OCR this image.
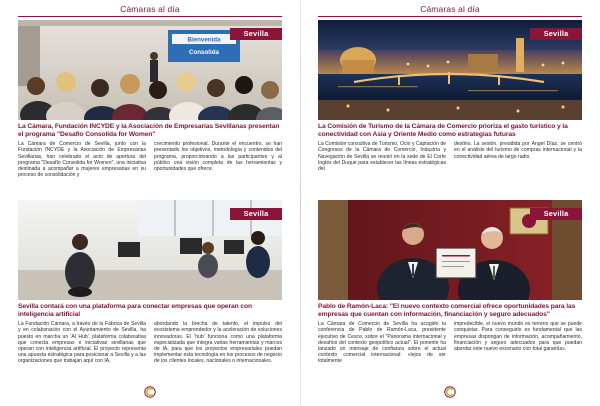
Cámaras al día
Bienvenida
Consolida
Sevilla
La Cámara, Fundación INCYDE y la Asociación de Empresarias Sevillanas presentan el programa "Desafío Consolida for Women"

La Cámara de Comercio de Sevilla, junto con la Fundación INCYDE y la Asociación de Empresarias Sevillanas, han celebrado el acto de apertura del programa "Desafío Consolida for Women", una iniciativa destinada a acompañar a mujeres empresarias en su proceso de consolidación y

crecimiento profesional. Durante el encuentro, se han presentado los objetivos, metodología y contenidos del programa, proporcionando a las participantes y al público una visión completa de las herramientas y oportunidades que ofrece.

Sevilla
Sevilla contará con una plataforma para conectar empresas que operan con inteligencia artificial

La Fundación Cámara, a través de la Fábrica de Sevilla y en colaboración con el Ayuntamiento de Sevilla, ha puesto en marcha un 'AI Hub', plataforma colaborativa que conecta empresas e iniciativas sevillanas que operan con inteligencia artificial. El proyecto representa una apuesta estratégica para posicionar a Sevilla y a las organizaciones que trabajan aquí con IA,

abordando la brecha de talento, el impulso del ecosistema emprendedor y la aceleración de soluciones innovadoras. El 'hub' funciona como una plataforma especializada que integra varias herramientas y marcos de IA, para que los proyectos empresariales puedan implementar esta tecnología en los procesos de negocio de los clientes locales, nacionales o internacionales.

Cámaras al día
Sevilla
La Comisión de Turismo de la Cámara de Comercio prioriza el gasto turístico y la conectividad con Asia y Oriente Medio como estrategias futuras

La Comisión consultiva de Turismo, Ocio y Captación de Congresos de la Cámara de Comercio, Industria y Navegación de Sevilla se reunió en la sede de El Corte Inglés del Duque para establecer las líneas estratégicas del

destino. La sesión, presidida por Ángel Díaz, se centró en el análisis del turismo de compras internacional y la conectividad aérea de largo radio.

Sevilla
Pablo de Ramón-Laca: "El nuevo contexto comercial ofrece oportunidades para las empresas que cuentan con información, financiación y seguro adecuados"

La Cámara de Comercio de Sevilla ha acogido la conferencia de Pablo de Ramón-Laca, presidente ejecutivo de Cesce, sobre el "Panorama internacional y desafíos del contexto geopolítico actual". El ponente ha lanzado un mensaje de confianza sobre el actual contexto comercial internacional: «lejos de ser totalmente

impredecible, el nuevo mundo es terreno que se puede conquistar. Para conseguirlo es fundamental que las empresas dispongan de información, acompañamiento, financiación y seguro adecuados para que puedan abordar este nuevo escenario con total garantía».
